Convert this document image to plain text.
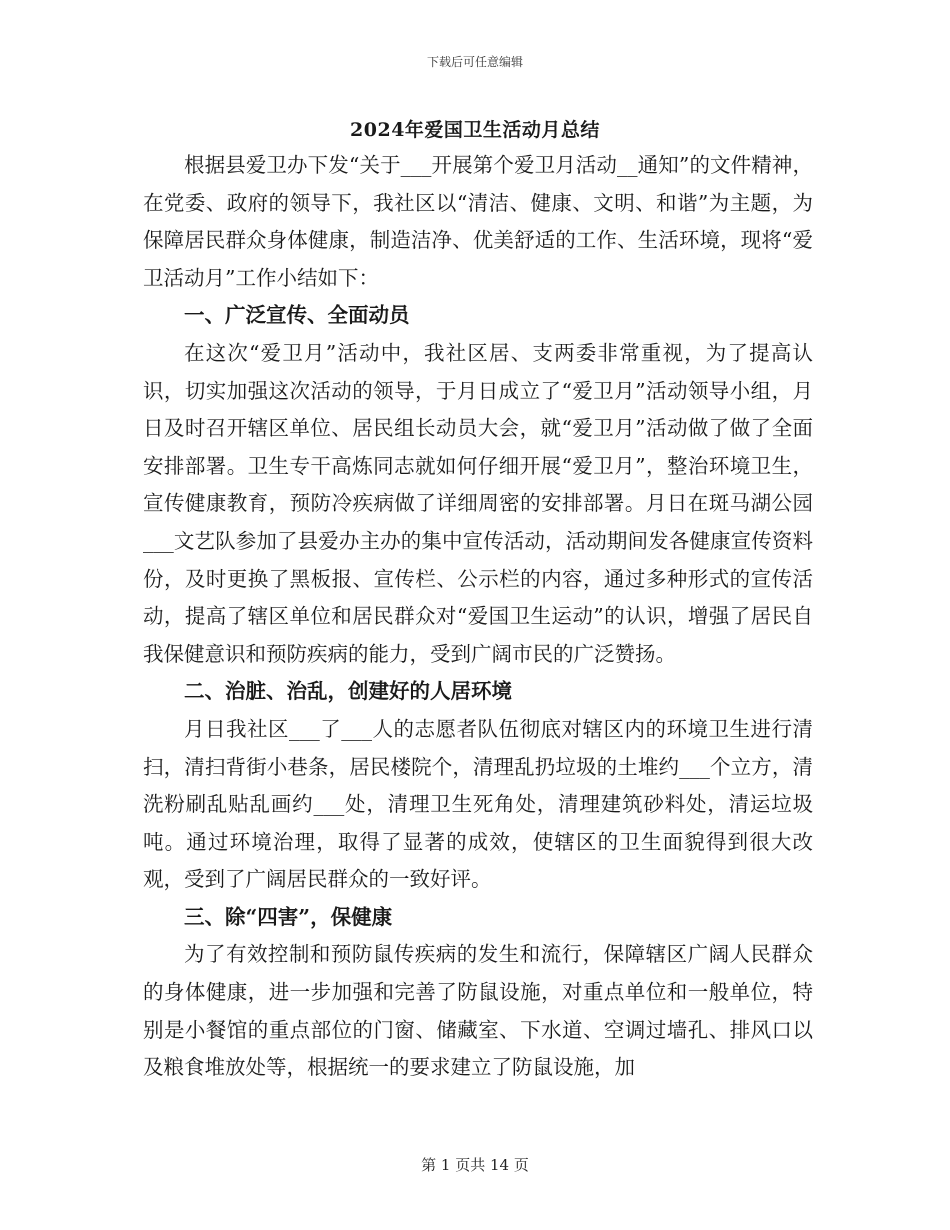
下载后可任意编辑
2024年爱国卫生活动月总结

根据县爱卫办下发“关于___开展第个爱卫月活动__通知”的文件精神，在党委、政府的领导下，我社区以“清洁、健康、文明、和谐”为主题，为保障居民群众身体健康，制造洁净、优美舒适的工作、生活环境，现将“爱卫活动月”工作小结如下：

一、广泛宣传、全面动员

在这次“爱卫月”活动中，我社区居、支两委非常重视，为了提高认识，切实加强这次活动的领导，于月日成立了“爱卫月”活动领导小组，月日及时召开辖区单位、居民组长动员大会，就“爱卫月”活动做了做了全面安排部署。卫生专干高炼同志就如何仔细开展“爱卫月”，整治环境卫生，宣传健康教育，预防冷疾病做了详细周密的安排部署。月日在斑马湖公园___文艺队参加了县爱办主办的集中宣传活动，活动期间发各健康宣传资料份，及时更换了黑板报、宣传栏、公示栏的内容，通过多种形式的宣传活动，提高了辖区单位和居民群众对“爱国卫生运动”的认识，增强了居民自我保健意识和预防疾病的能力，受到广阔市民的广泛赞扬。

二、治脏、治乱，创建好的人居环境

月日我社区___了___人的志愿者队伍彻底对辖区内的环境卫生进行清扫，清扫背街小巷条，居民楼院个，清理乱扔垃圾的土堆约___个立方，清洗粉刷乱贴乱画约___处，清理卫生死角处，清理建筑砂料处，清运垃圾吨。通过环境治理，取得了显著的成效，使辖区的卫生面貌得到很大改观，受到了广阔居民群众的一致好评。

三、除“四害”，保健康

为了有效控制和预防鼠传疾病的发生和流行，保障辖区广阔人民群众的身体健康，进一步加强和完善了防鼠设施，对重点单位和一般单位，特别是小餐馆的重点部位的门窗、储藏室、下水道、空调过墙孔、排风口以及粮食堆放处等，根据统一的要求建立了防鼠设施，加

第 1 页共 14 页
